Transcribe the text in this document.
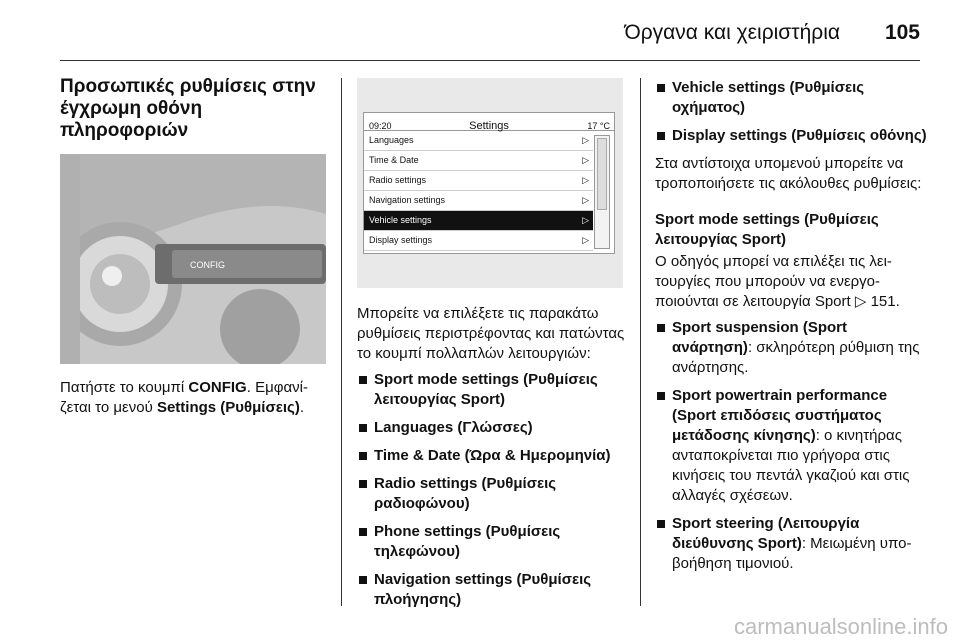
Όργανα και χειριστήρια 105
Προσωπικές ρυθμίσεις στην έγχρωμη οθόνη πληροφοριών
CONFIG

Πατήστε το κουμπί CONFIG. Εμφανίζεται το μενού Settings (Ρυθμίσεις).

09:20	Settings	17 °C
Languages	▷
Time & Date	▷
Radio settings	▷
Navigation settings	▷
Vehicle settings	▷
Display settings	▷

Μπορείτε να επιλέξετε τις παρακάτω ρυθμίσεις περιστρέφοντας και πατώντας το κουμπί πολλαπλών λειτουργιών:

Sport mode settings (Ρυθμίσεις λειτουργίας Sport)
Languages (Γλώσσες)
Time & Date (Ώρα & Ημερομηνία)
Radio settings (Ρυθμίσεις ραδιοφώνου)
Phone settings (Ρυθμίσεις τηλεφώνου)
Navigation settings (Ρυθμίσεις πλοήγησης)
Vehicle settings (Ρυθμίσεις οχήματος)
Display settings (Ρυθμίσεις οθόνης)

Στα αντίστοιχα υπομενού μπορείτε να τροποποιήσετε τις ακόλουθες ρυθμίσεις:

Sport mode settings (Ρυθμίσεις λειτουργίας Sport)

Ο οδηγός μπορεί να επιλέξει τις λειτουργίες που μπορούν να ενεργοποιούνται σε λειτουργία Sport ▷ 151.

Sport suspension (Sport ανάρτηση): σκληρότερη ρύθμιση της ανάρτησης.
Sport powertrain performance (Sport επιδόσεις συστήματος μετάδοσης κίνησης): ο κινητήρας ανταποκρίνεται πιο γρήγορα στις κινήσεις του πεντάλ γκαζιού και στις αλλαγές σχέσεων.
Sport steering (Λειτουργία διεύθυνσης Sport): Μειωμένη υποβοήθηση τιμονιού.
carmanualsonline.info
